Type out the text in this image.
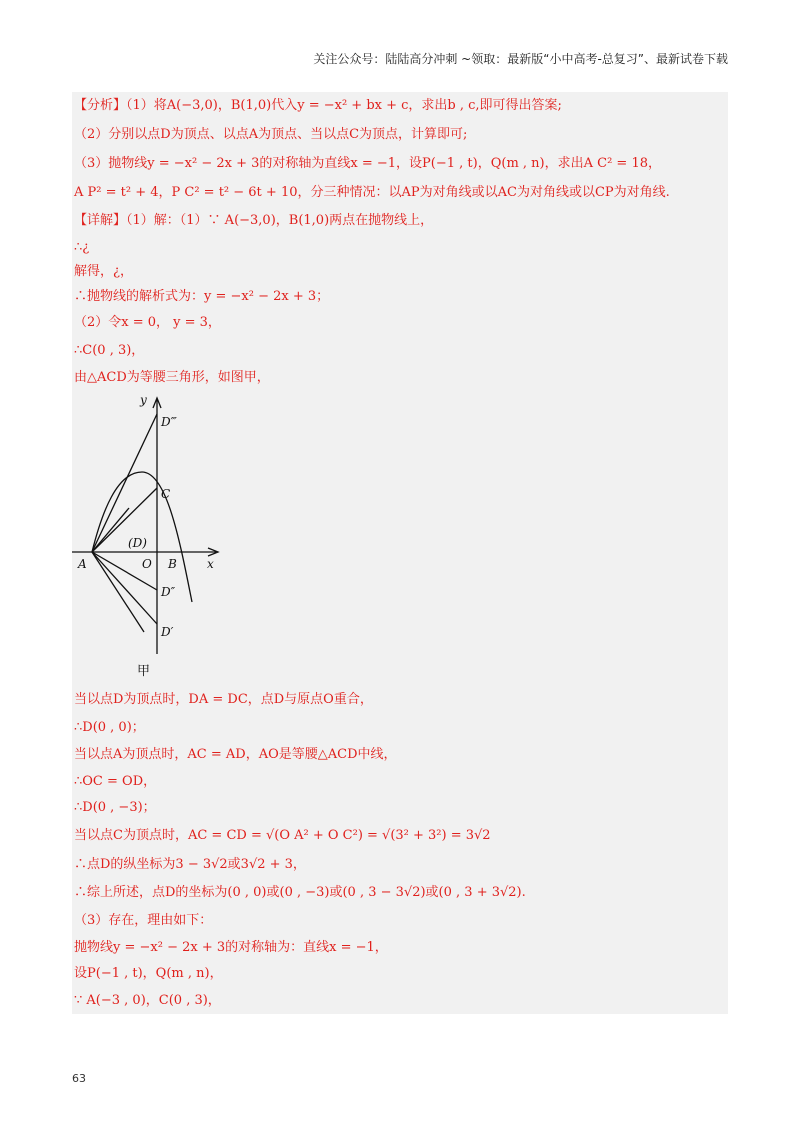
关注公众号：陆陆高分冲刺 ~领取：最新版“小中高考-总复习”、最新试卷下载
【分析】（1）将A(−3,0)，B(1,0)代入y = −x² + bx + c，求出b , c,即可得出答案;
（2）分别以点D为顶点、以点A为顶点、当以点C为顶点，计算即可;
（3）抛物线y = −x² − 2x + 3的对称轴为直线x = −1，设P(−1 , t)，Q(m , n)，求出A C² = 18，
A P² = t² + 4，P C² = t² − 6t + 10，分三种情况：以AP为对角线或以AC为对角线或以CP为对角线.
【详解】（1）解：（1）∵ A(−3,0)，B(1,0)两点在抛物线上，
∴¿
解得，¿，
∴抛物线的解析式为：y = −x² − 2x + 3；
（2）令x = 0， y = 3，
∴C(0 , 3)，
由△ACD为等腰三角形，如图甲，
y
x
A	O B
C
(D)
D‴
D″
D′
甲
当以点D为顶点时，DA = DC，点D与原点O重合，
∴D(0 , 0)；
当以点A为顶点时，AC = AD，AO是等腰△ACD中线，
∴OC = OD，
∴D(0 , −3)；
当以点C为顶点时，AC = CD = √(O A² + O C²) = √(3² + 3²) = 3√2
∴点D的纵坐标为3 − 3√2或3√2 + 3，
∴综上所述，点D的坐标为(0 , 0)或(0 , −3)或(0 , 3 − 3√2)或(0 , 3 + 3√2).
（3）存在，理由如下：
抛物线y = −x² − 2x + 3的对称轴为：直线x = −1，
设P(−1 , t)，Q(m , n)，
∵ A(−3 , 0)，C(0 , 3)，
63
